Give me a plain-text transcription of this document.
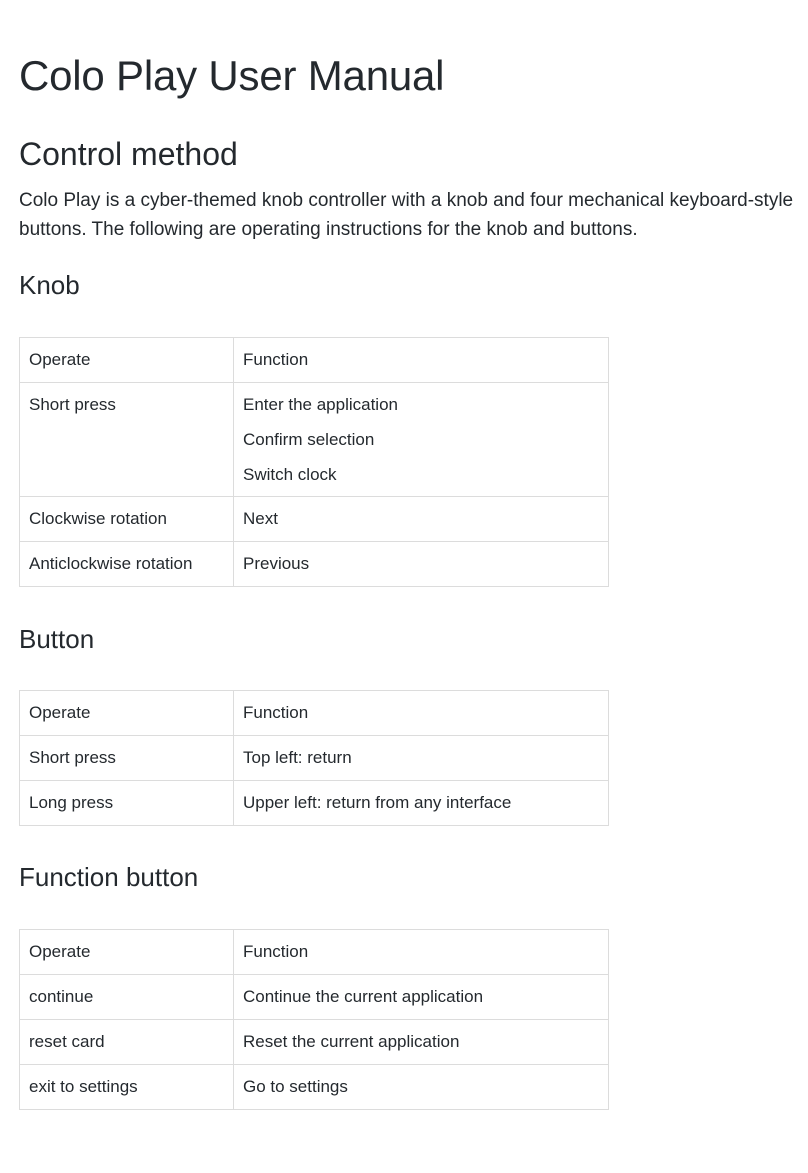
Colo Play User Manual
Control method

Colo Play is a cyber-themed knob controller with a knob and four mechanical keyboard-style buttons. The following are operating instructions for the knob and buttons.

Knob
Operate	Function

Short press	Enter the application
Confirm selection
Switch clock

Clockwise rotation	Next
Anticlockwise rotation	Previous
Button
Operate	Function
Short press	Top left: return
Long press	Upper left: return from any interface
Function button
Operate	Function
continue	Continue the current application
reset card	Reset the current application
exit to settings	Go to settings
